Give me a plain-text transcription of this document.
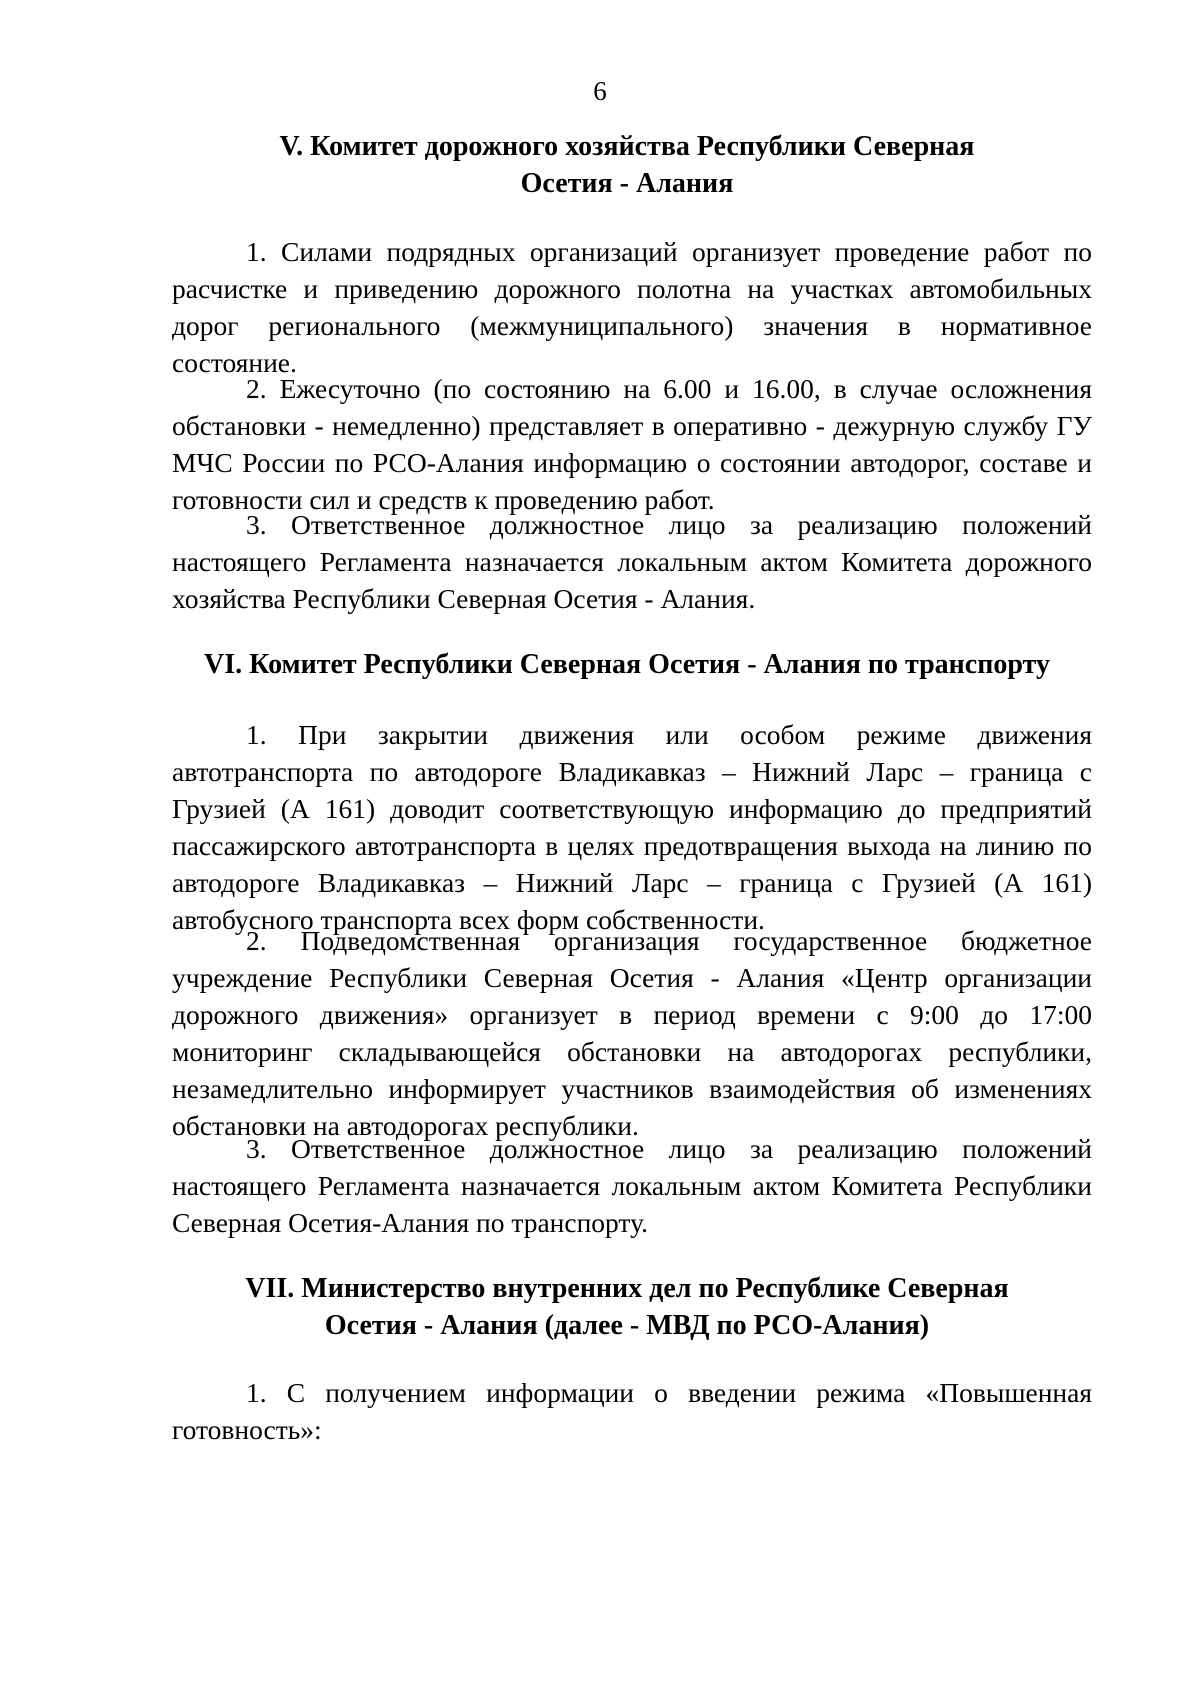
6
V. Комитет дорожного хозяйства Республики Северная
Осетия - Алания

1. Силами подрядных организаций организует проведение работ по расчистке и приведению дорожного полотна на участках автомобильных дорог регионального (межмуниципального) значения в нормативное состояние.

2. Ежесуточно (по состоянию на 6.00 и 16.00, в случае осложнения обстановки - немедленно) представляет в оперативно - дежурную службу ГУ МЧС России по РСО-Алания информацию о состоянии автодорог, составе и готовности сил и средств к проведению работ.

3. Ответственное должностное лицо за реализацию положений настоящего Регламента назначается локальным актом Комитета дорожного хозяйства Республики Северная Осетия - Алания.

VI. Комитет Республики Северная Осетия - Алания по транспорту

1. При закрытии движения или особом режиме движения автотранспорта по автодороге Владикавказ – Нижний Ларс – граница с Грузией (А 161) доводит соответствующую информацию до предприятий пассажирского автотранспорта в целях предотвращения выхода на линию по автодороге Владикавказ – Нижний Ларс – граница с Грузией (А 161) автобусного транспорта всех форм собственности.

2. Подведомственная организация государственное бюджетное учреждение Республики Северная Осетия - Алания «Центр организации дорожного движения» организует в период времени с 9:00 до 17:00 мониторинг складывающейся обстановки на автодорогах республики, незамедлительно информирует участников взаимодействия об изменениях обстановки на автодорогах республики.

3. Ответственное должностное лицо за реализацию положений настоящего Регламента назначается локальным актом Комитета Республики Северная Осетия-Алания по транспорту.

VII. Министерство внутренних дел по Республике Северная
Осетия - Алания (далее - МВД по РСО-Алания)

1. С получением информации о введении режима «Повышенная готовность»:
